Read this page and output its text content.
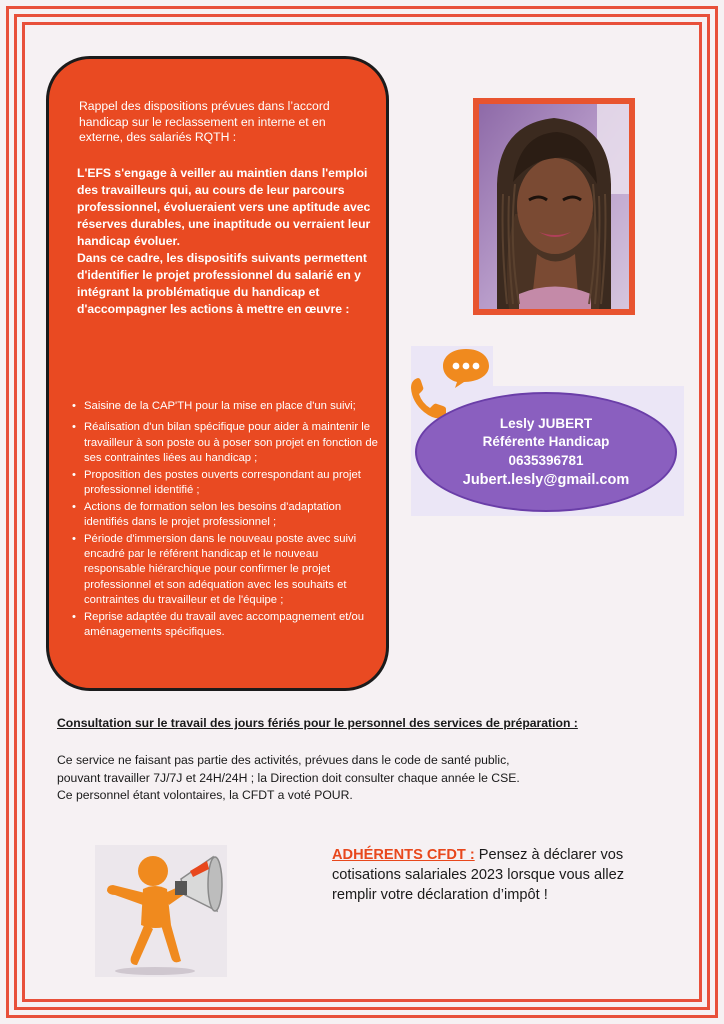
Rappel des dispositions prévues dans l’accord handicap sur le reclassement en interne et en externe, des salariés RQTH :

L'EFS s'engage à veiller au maintien dans l'emploi des travailleurs qui, au cours de leur parcours professionnel, évolueraient vers une aptitude avec réserves durables, une inaptitude ou verraient leur handicap évoluer.

Dans ce cadre, les dispositifs suivants permettent d'identifier le projet professionnel du salarié en y intégrant la problématique du handicap et d'accompagner les actions à mettre en œuvre :

• Saisine de la CAP'TH pour la mise en place d'un suivi;
• Réalisation d'un bilan spécifique pour aider à maintenir le travailleur à son poste ou à poser son projet en fonction de ses contraintes liées au handicap ;
• Proposition des postes ouverts correspondant au projet professionnel identifié ;
• Actions de formation selon les besoins d'adaptation identifiés dans le projet professionnel ;
• Période d'immersion dans le nouveau poste avec suivi encadré par le référent handicap et le nouveau responsable hiérarchique pour confirmer le projet professionnel et son adéquation avec les souhaits et contraintes du travailleur et de l'équipe ;
• Reprise adaptée du travail avec accompagnement et/ou aménagements spécifiques.
Lesly JUBERT
Référente Handicap
0635396781
Jubert.lesly@gmail.com
Consultation sur le travail des jours fériés pour le personnel des services de préparation :

Ce service ne faisant pas partie des activités, prévues dans le code de santé public,

pouvant travailler 7J/7J et 24H/24H ; la Direction doit consulter chaque année le CSE.

Ce personnel étant volontaires, la CFDT a voté POUR.

ADHÉRENTS CFDT : Pensez à déclarer vos cotisations salariales 2023 lorsque vous allez remplir votre déclaration d’impôt !
